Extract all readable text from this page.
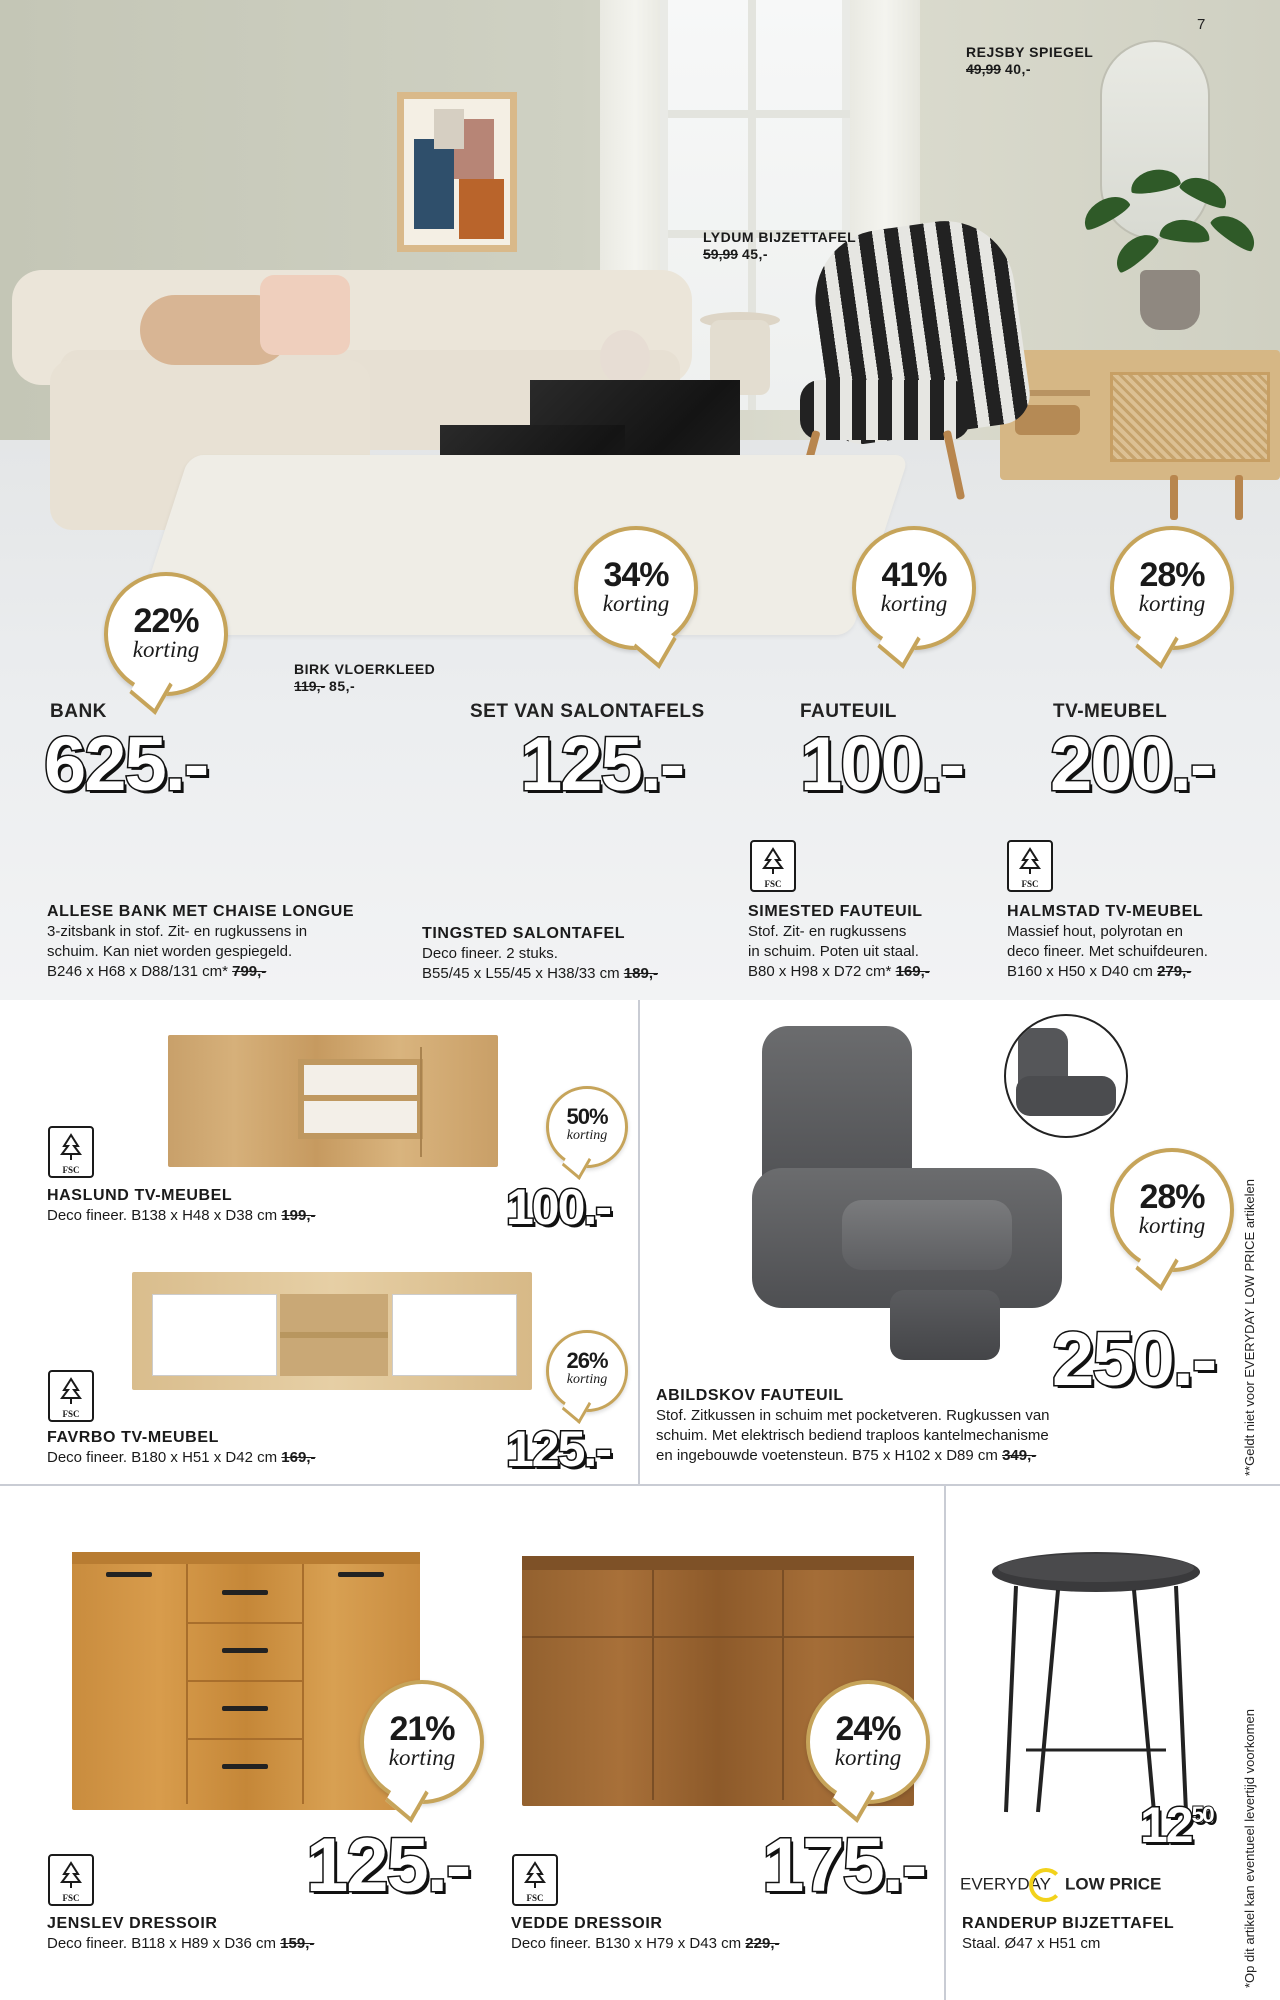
7
REJSBY SPIEGEL
49,99 40,-
LYDUM BIJZETTAFEL
59,99 45,-
BIRK VLOERKLEED
119,- 85,-
22%
korting
34%
korting
41%
korting
28%
korting
BANK
625.-
SET VAN SALONTAFELS
125.-
FAUTEUIL
100.-
TV-MEUBEL
200.-
FSC	FSC
ALLESE BANK MET CHAISE LONGUE
3-zitsbank in stof. Zit- en rugkussens in
schuim. Kan niet worden gespiegeld.
B246 x H68 x D88/131 cm* 799,-
TINGSTED SALONTAFEL
Deco fineer. 2 stuks.
B55/45 x L55/45 x H38/33 cm 189,-
SIMESTED FAUTEUIL
Stof. Zit- en rugkussens
in schuim. Poten uit staal.
B80 x H98 x D72 cm* 169,-
HALMSTAD TV-MEUBEL
Massief hout, polyrotan en
deco fineer. Met schuifdeuren.
B160 x H50 x D40 cm 279,-
FSC
50%
korting
100.-
HASLUND TV-MEUBEL
Deco fineer. B138 x H48 x D38 cm 199,-
FSC
26%
korting
125.-
FAVRBO TV-MEUBEL
Deco fineer. B180 x H51 x D42 cm 169,-
28%
korting
250.-
ABILDSKOV FAUTEUIL
Stof. Zitkussen in schuim met pocketveren. Rugkussen van
schuim. Met elektrisch bediend traploos kantelmechanisme
en ingebouwde voetensteun. B75 x H102 x D89 cm 349,-	**Geldt niet voor EVERYDAY LOW PRICE artikelen
21%
korting
125.-
FSC
JENSLEV DRESSOIR
Deco fineer. B118 x H89 x D36 cm 159,-
24%
korting
175.-
FSC
VEDDE DRESSOIR
Deco fineer. B130 x H79 x D43 cm 229,-
$12^{50}$
EVERYDAY LOW PRICE
RANDERUP BIJZETTAFEL
Staal. Ø47 x H51 cm	*Op dit artikel kan eventueel levertijd voorkomen
